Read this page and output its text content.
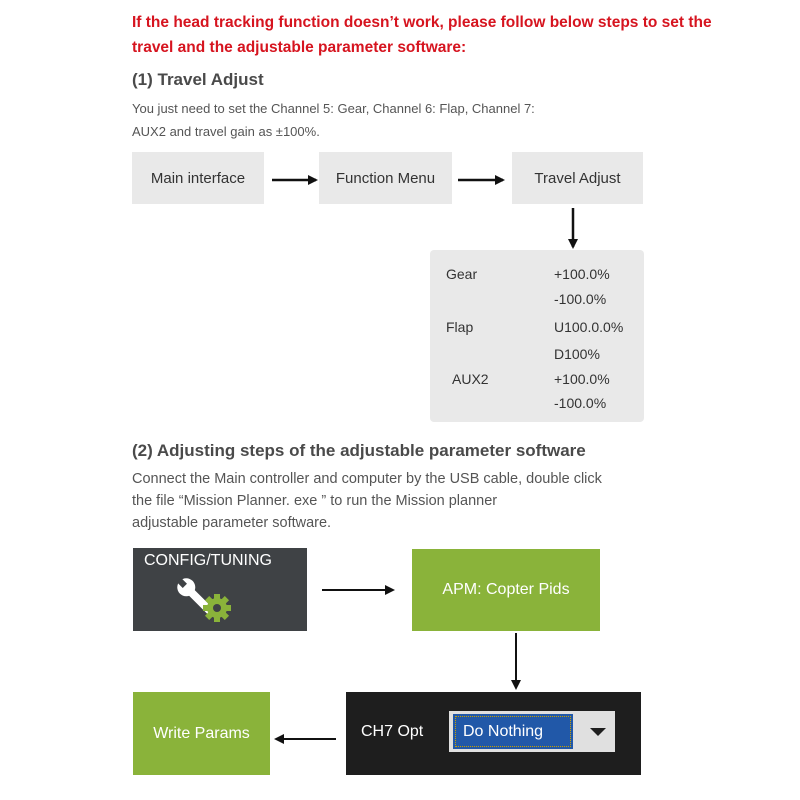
If the head tracking function doesn’t work, please follow below steps to set the travel and the adjustable parameter software:
(1) Travel Adjust
You just need to set the Channel 5: Gear, Channel 6: Flap, Channel 7:
AUX2 and travel gain as ±100%.
Main interface	Function Menu	Travel Adjust
Gear	+100.0%
-100.0%
Flap	U100.0.0%
D100%
AUX2	+100.0%
-100.0%
(2) Adjusting steps of the adjustable parameter software
Connect the Main controller and computer by the USB cable, double click
the file “Mission Planner. exe ” to run the Mission planner
adjustable parameter software.
CONFIG/TUNING
APM: Copter Pids
CH7 Opt	Do Nothing
Write Params
